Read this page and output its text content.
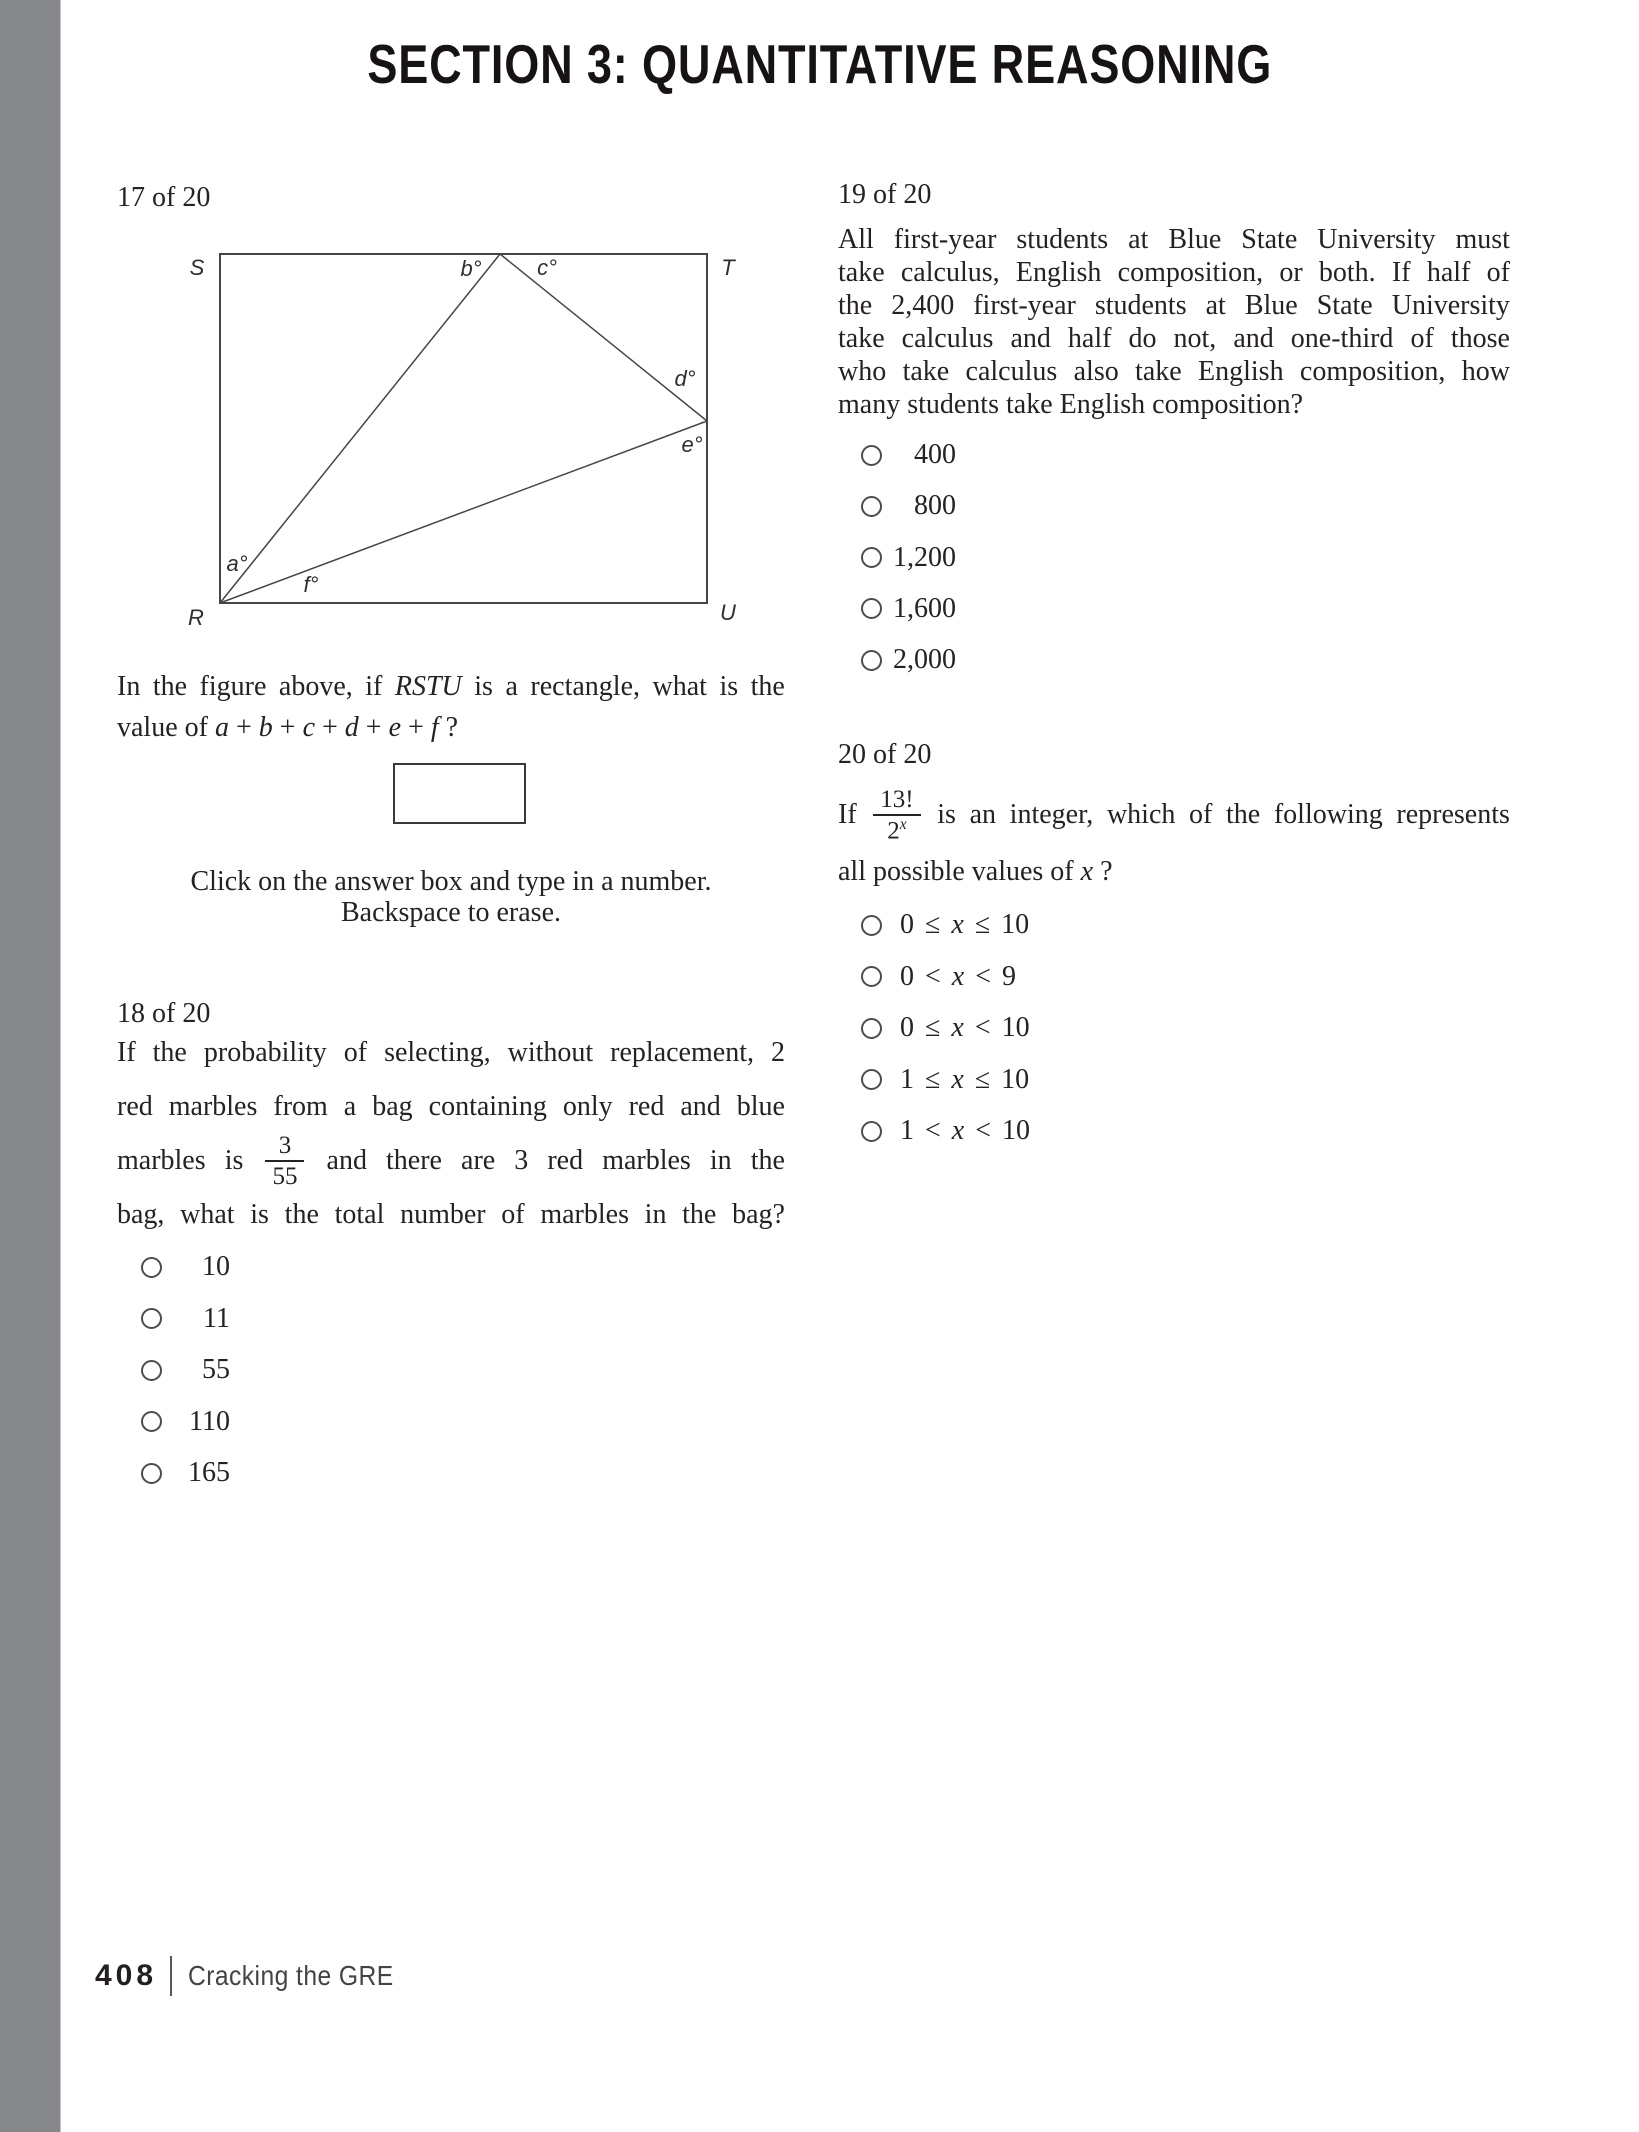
SECTION 3: QUANTITATIVE REASONING
17 of 20
S	T
R	U
b°	c°
d°
e°
a°
f°
In the figure above, if RSTU is a rectangle, what is the
value of a + b + c + d + e + f ?
Click on the answer box and type in a number.
Backspace to erase.
18 of 20
If the probability of selecting, without replacement, 2
red marbles from a bag containing only red and blue
marbles is $\frac{3}{55}$ and there are 3 red marbles in the
bag, what is the total number of marbles in the bag?
10
11
55
110
165
19 of 20
All first-year students at Blue State University must
take calculus, English composition, or both. If half of
the 2,400 first-year students at Blue State University
take calculus and half do not, and one-third of those
who take calculus also take English composition, how
many students take English composition?
400
800
1,200
1,600
2,000
20 of 20
If $\frac{13!}{2^x}$ is an integer, which of the following represents
all possible values of x ?
0 ≤ x ≤ 10
0 < x < 9
0 ≤ x < 10
1 ≤ x ≤ 10
1 < x < 10
408 Cracking the GRE
